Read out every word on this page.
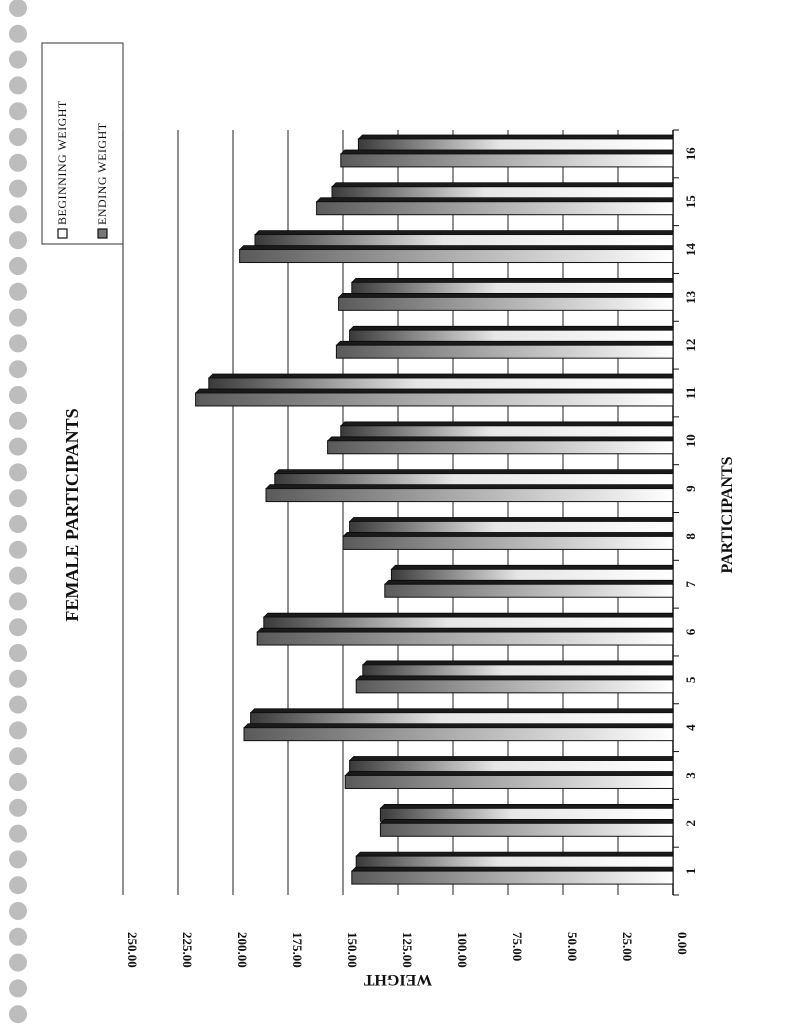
BEGINNING WEIGHT ENDING WEIGHT
FEMALE PARTICIPANTS	PARTICIPANTS
WEIGHT
0.00
25.00
50.00
75.00
100.00
125.00
150.00
175.00
200.00
225.00
250.00
1
2
3
4
5
6
7
8
9
10
11
12
13
14
15
16
